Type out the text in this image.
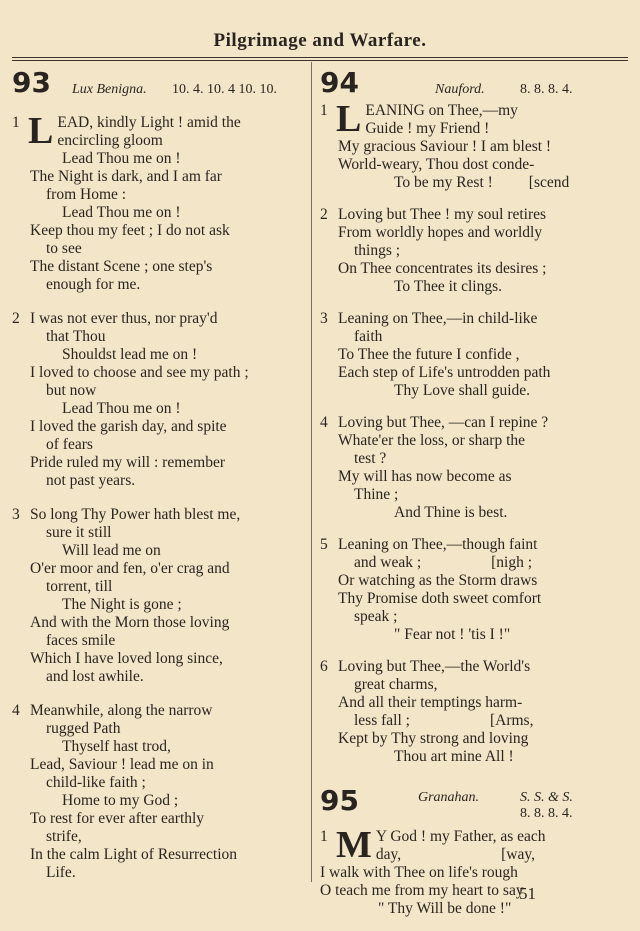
Pilgrimage and Warfare.
93 Lux Benigna. 10. 4. 10. 4 10. 10.
1 L EAD, kindly Light ! amid the
encircling gloom
Lead Thou me on !
The Night is dark, and I am far
from Home :
Lead Thou me on !
Keep thou my feet ; I do not ask
to see
The distant Scene ; one step's
enough for me.
2 I was not ever thus, nor pray'd
that Thou
Shouldst lead me on !
I loved to choose and see my path ;
but now
Lead Thou me on !
I loved the garish day, and spite
of fears
Pride ruled my will : remember
not past years.
3 So long Thy Power hath blest me,
sure it still
Will lead me on
O'er moor and fen, o'er crag and
torrent, till
The Night is gone ;
And with the Morn those loving
faces smile
Which I have loved long since,
and lost awhile.
4 Meanwhile, along the narrow
rugged Path
Thyself hast trod,
Lead, Saviour ! lead me on in
child-like faith ;
Home to my God ;
To rest for ever after earthly
strife,
In the calm Light of Resurrection
Life.
94	Nauford.	8. 8. 8. 4.
1 L EANING on Thee,—my
Guide ! my Friend !
My gracious Saviour ! I am blest !
World-weary, Thou dost conde-
To be my Rest ! [scend
2 Loving but Thee ! my soul retires
From worldly hopes and worldly
things ;
On Thee concentrates its desires ;
To Thee it clings.
3 Leaning on Thee,—in child-like
faith
To Thee the future I confide ,
Each step of Life's untrodden path
Thy Love shall guide.
4 Loving but Thee, —can I repine ?
Whate'er the loss, or sharp the
test ?
My will has now become as
Thine ;
And Thine is best.
5 Leaning on Thee,—though faint
and weak ;	[nigh ;
Or watching as the Storm draws
Thy Promise doth sweet comfort
speak ;
" Fear not ! 'tis I !"
6 Loving but Thee,—the World's
great charms,
And all their temptings harm-
less fall ;	[Arms,
Kept by Thy strong and loving
Thou art mine All !
95	Granahan.	S. S. & S.
8. 8. 8. 4.
1 M Y God ! my Father, as each
day,	[way,
I walk with Thee on life's rough
O teach me from my heart to say
" Thy Will be done !"
51
